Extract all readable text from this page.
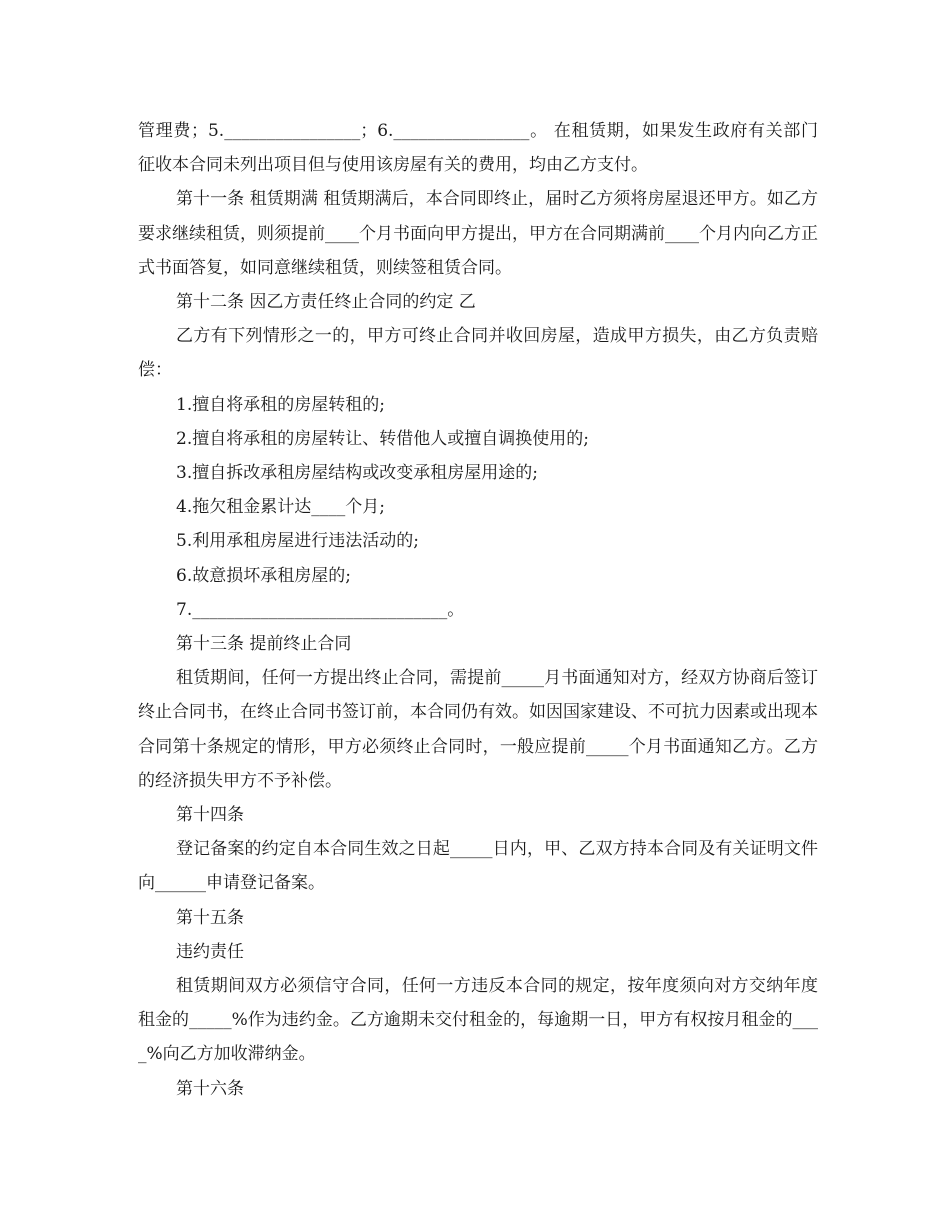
管理费；5.________________；6.________________。 在租赁期，如果发生政府有关部门征收本合同未列出项目但与使用该房屋有关的费用，均由乙方支付。

第十一条 租赁期满 租赁期满后，本合同即终止，届时乙方须将房屋退还甲方。如乙方要求继续租赁，则须提前____个月书面向甲方提出，甲方在合同期满前____个月内向乙方正式书面答复，如同意继续租赁，则续签租赁合同。

第十二条 因乙方责任终止合同的约定 乙

乙方有下列情形之一的，甲方可终止合同并收回房屋，造成甲方损失，由乙方负责赔偿：

1.擅自将承租的房屋转租的;

2.擅自将承租的房屋转让、转借他人或擅自调换使用的;

3.擅自拆改承租房屋结构或改变承租房屋用途的;

4.拖欠租金累计达____个月;

5.利用承租房屋进行违法活动的;

6.故意损坏承租房屋的;

7.______________________________。

第十三条 提前终止合同

租赁期间，任何一方提出终止合同，需提前_____月书面通知对方，经双方协商后签订终止合同书，在终止合同书签订前，本合同仍有效。如因国家建设、不可抗力因素或出现本合同第十条规定的情形，甲方必须终止合同时，一般应提前_____个月书面通知乙方。乙方的经济损失甲方不予补偿。

第十四条

登记备案的约定自本合同生效之日起_____日内，甲、乙双方持本合同及有关证明文件向______申请登记备案。

第十五条

违约责任

租赁期间双方必须信守合同，任何一方违反本合同的规定，按年度须向对方交纳年度租金的_____%作为违约金。乙方逾期未交付租金的，每逾期一日，甲方有权按月租金的____%向乙方加收滞纳金。

第十六条
